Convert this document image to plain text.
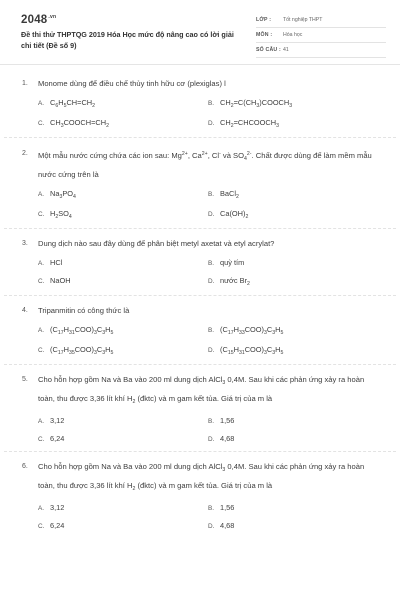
$2048^{.vn}$
Đề thi thử THPTQG 2019 Hóa Học mức độ nâng cao có lời giải chi tiết (Đề số 9)
LỚP : Tốt nghiệp THPT
MÔN : Hóa học
SỐ CÂU : 41
1. Monome dùng để điều chế thủy tinh hữu cơ (plexiglas) l
A. $C_6H_5CH=CH_2$	B. $CH_2=C(CH_3)COOCH_3$
C. $CH_3COOCH=CH_2$	D. $CH_2=CHCOOCH_3$
2. Một mẫu nước cứng chứa các ion sau: $Mg^{2+}$, $Ca^{2+}$, Cl- và $SO_4^{2-}$. Chất được dùng để làm mềm mẫu nước cứng trên là
A. $Na_3PO_4$	B. BaCl$_2$
C. $H_2SO_4$	D. $Ca(OH)_2$
3. Dung dịch nào sau đây dùng để phân biệt metyl axetat và etyl acrylat?
A. HCl	B. quỳ tím
C. NaOH	D. nước $Br_2$
4. Tripanmitin có công thức là
A. $(C_{17}H_{31}COO)_3C_3H_5$	B. $(C_{17}H_{33}COO)_3C_3H_5$
C. $(C_{17}H_{35}COO)_3C_3H_5$	D. $(C_{15}H_{31}COO)_3C_3H_5$
5. Cho hỗn hợp gồm Na và Ba vào 200 ml dung dịch AlCl$_3$ 0,4M. Sau khi các phản ứng xảy ra hoàn toàn, thu được 3,36 lít khí $H_2$ (đktc) và m gam kết tủa. Giá trị của m là
A. 3,12	B. 1,56
C. 6,24	D. 4,68
6. Cho hỗn hợp gồm Na và Ba vào 200 ml dung dịch AlCl$_3$ 0,4M. Sau khi các phản ứng xảy ra hoàn toàn, thu được 3,36 lít khí $H_2$ (đktc) và m gam kết tủa. Giá trị của m là
A. 3,12	B. 1,56
C. 6,24	D. 4,68
